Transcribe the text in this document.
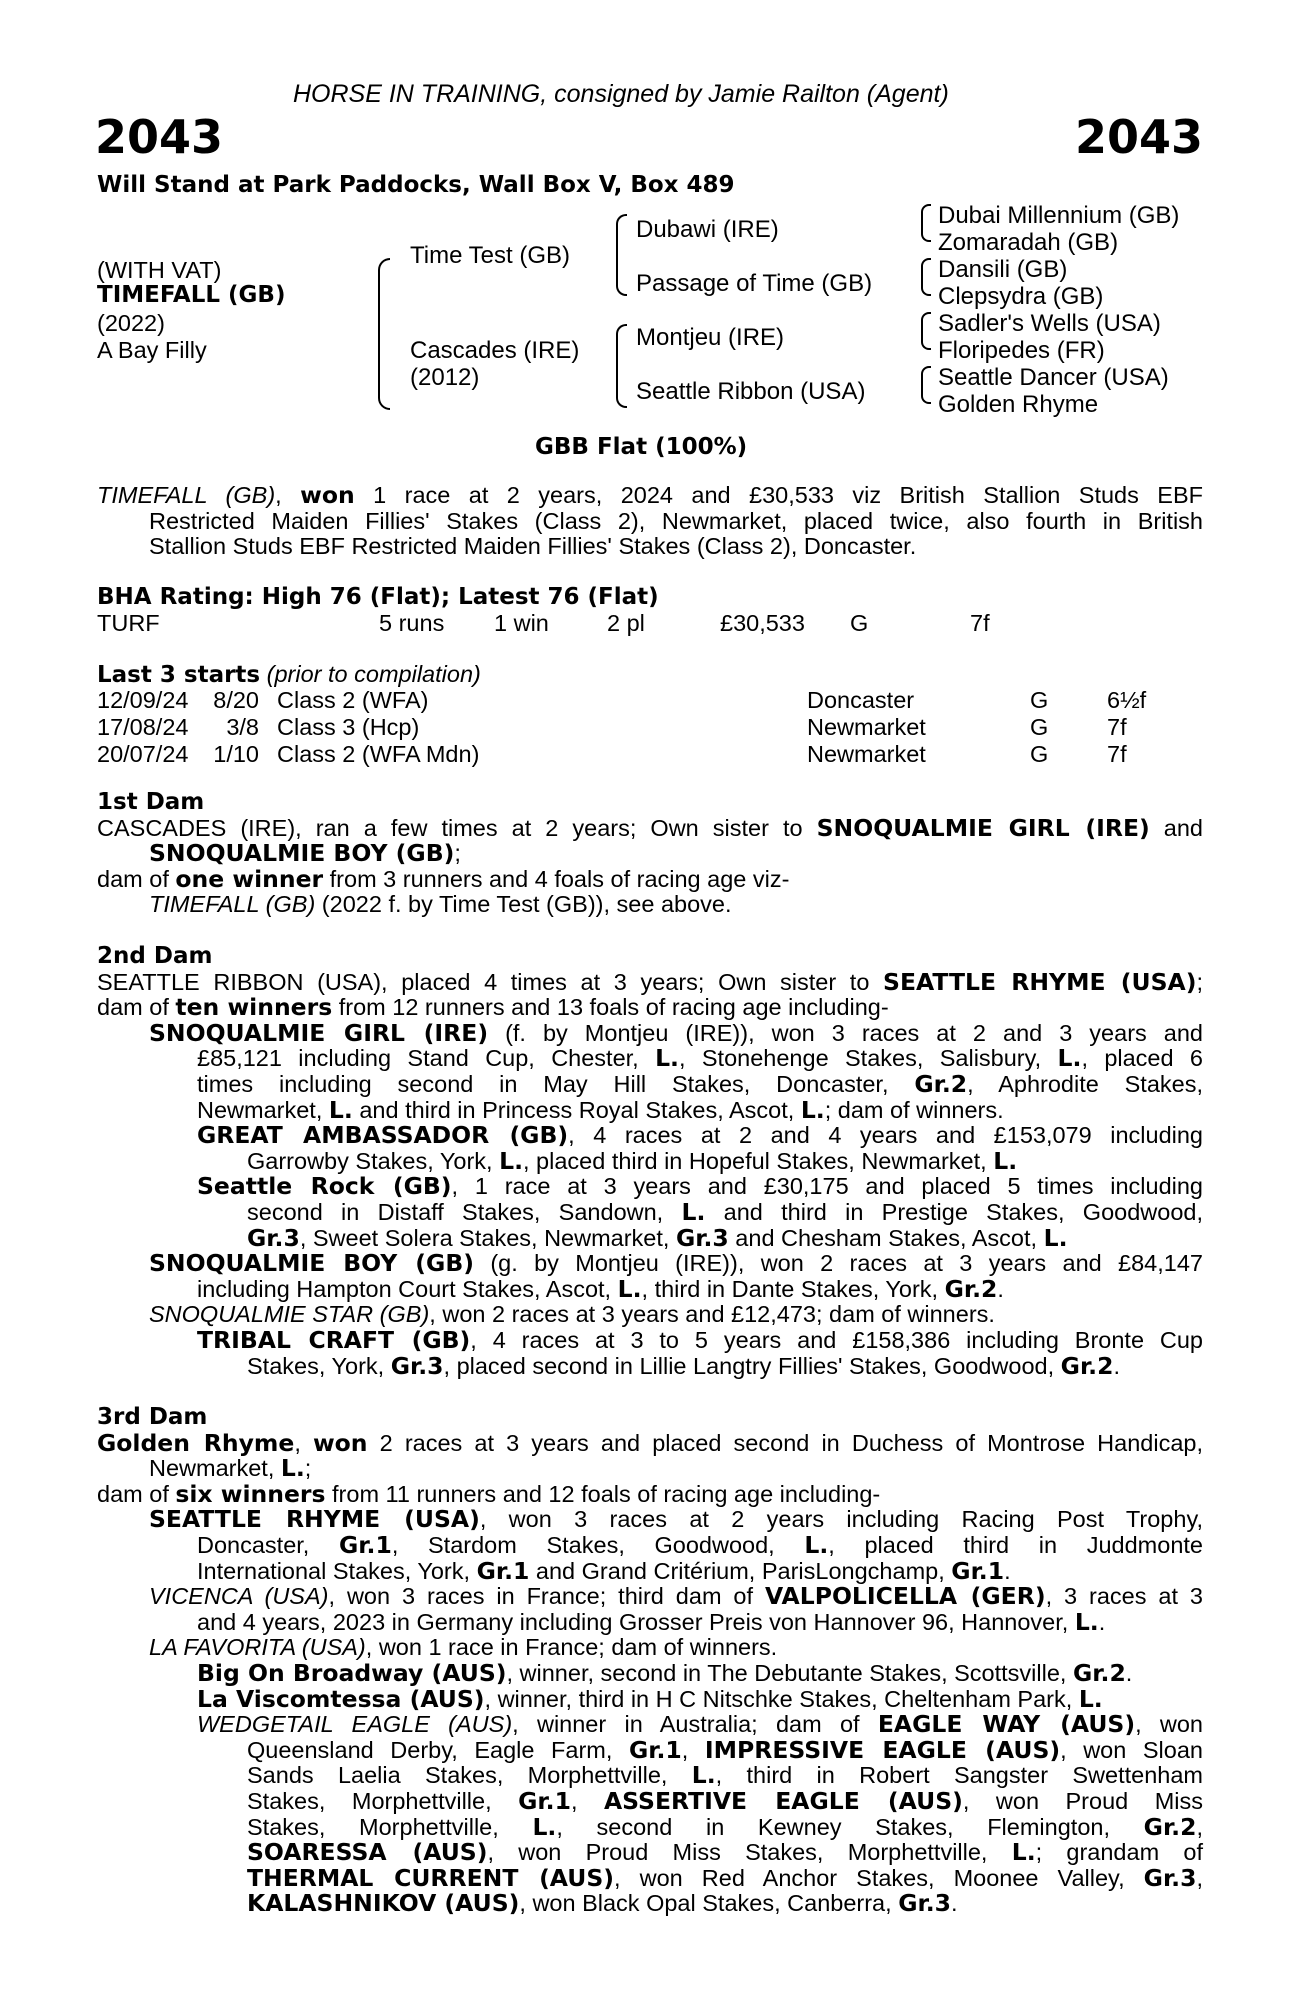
HORSE IN TRAINING, consigned by Jamie Railton (Agent)
2043	2043
Will Stand at Park Paddocks, Wall Box V, Box 489
(WITH VAT)
TIMEFALL (GB)
(2022)
A Bay Filly
Time Test (GB)
Cascades (IRE)
(2012)
Dubawi (IRE)
Passage of Time (GB)
Montjeu (IRE)
Seattle Ribbon (USA)
Dubai Millennium (GB)
Zomaradah (GB)
Dansili (GB)
Clepsydra (GB)
Sadler's Wells (USA)
Floripedes (FR)
Seattle Dancer (USA)
Golden Rhyme
GBB Flat (100%)
TIMEFALL (GB), won 1 race at 2 years, 2024 and £30,533 viz British Stallion Studs EBF
Restricted Maiden Fillies' Stakes (Class 2), Newmarket, placed twice, also fourth in British
Stallion Studs EBF Restricted Maiden Fillies' Stakes (Class 2), Doncaster.
BHA Rating: High 76 (Flat); Latest 76 (Flat)
TURF	5 runs	1 win	2 pl	£30,533	G	7f
Last 3 starts (prior to compilation)
12/09/24	8/20	Class 2 (WFA)	Doncaster	G	6½f
17/08/24	3/8	Class 3 (Hcp)	Newmarket	G	7f
20/07/24	1/10	Class 2 (WFA Mdn)	Newmarket	G	7f
1st Dam
CASCADES (IRE), ran a few times at 2 years; Own sister to SNOQUALMIE GIRL (IRE) and
SNOQUALMIE BOY (GB);
dam of one winner from 3 runners and 4 foals of racing age viz-
TIMEFALL (GB) (2022 f. by Time Test (GB)), see above.
2nd Dam
SEATTLE RIBBON (USA), placed 4 times at 3 years; Own sister to SEATTLE RHYME (USA);
dam of ten winners from 12 runners and 13 foals of racing age including-
SNOQUALMIE GIRL (IRE) (f. by Montjeu (IRE)), won 3 races at 2 and 3 years and
£85,121 including Stand Cup, Chester, L., Stonehenge Stakes, Salisbury, L., placed 6
times including second in May Hill Stakes, Doncaster, Gr.2, Aphrodite Stakes,
Newmarket, L. and third in Princess Royal Stakes, Ascot, L.; dam of winners.
GREAT AMBASSADOR (GB), 4 races at 2 and 4 years and £153,079 including
Garrowby Stakes, York, L., placed third in Hopeful Stakes, Newmarket, L.
Seattle Rock (GB), 1 race at 3 years and £30,175 and placed 5 times including
second in Distaff Stakes, Sandown, L. and third in Prestige Stakes, Goodwood,
Gr.3, Sweet Solera Stakes, Newmarket, Gr.3 and Chesham Stakes, Ascot, L.
SNOQUALMIE BOY (GB) (g. by Montjeu (IRE)), won 2 races at 3 years and £84,147
including Hampton Court Stakes, Ascot, L., third in Dante Stakes, York, Gr.2.
SNOQUALMIE STAR (GB), won 2 races at 3 years and £12,473; dam of winners.
TRIBAL CRAFT (GB), 4 races at 3 to 5 years and £158,386 including Bronte Cup
Stakes, York, Gr.3, placed second in Lillie Langtry Fillies' Stakes, Goodwood, Gr.2.
3rd Dam
Golden Rhyme, won 2 races at 3 years and placed second in Duchess of Montrose Handicap,
Newmarket, L.;
dam of six winners from 11 runners and 12 foals of racing age including-
SEATTLE RHYME (USA), won 3 races at 2 years including Racing Post Trophy,
Doncaster, Gr.1, Stardom Stakes, Goodwood, L., placed third in Juddmonte
International Stakes, York, Gr.1 and Grand Critérium, ParisLongchamp, Gr.1.
VICENCA (USA), won 3 races in France; third dam of VALPOLICELLA (GER), 3 races at 3
and 4 years, 2023 in Germany including Grosser Preis von Hannover 96, Hannover, L..
LA FAVORITA (USA), won 1 race in France; dam of winners.
Big On Broadway (AUS), winner, second in The Debutante Stakes, Scottsville, Gr.2.
La Viscomtessa (AUS), winner, third in H C Nitschke Stakes, Cheltenham Park, L.
WEDGETAIL EAGLE (AUS), winner in Australia; dam of EAGLE WAY (AUS), won
Queensland Derby, Eagle Farm, Gr.1, IMPRESSIVE EAGLE (AUS), won Sloan
Sands Laelia Stakes, Morphettville, L., third in Robert Sangster Swettenham
Stakes, Morphettville, Gr.1, ASSERTIVE EAGLE (AUS), won Proud Miss
Stakes, Morphettville, L., second in Kewney Stakes, Flemington, Gr.2,
SOARESSA (AUS), won Proud Miss Stakes, Morphettville, L.; grandam of
THERMAL CURRENT (AUS), won Red Anchor Stakes, Moonee Valley, Gr.3,
KALASHNIKOV (AUS), won Black Opal Stakes, Canberra, Gr.3.
